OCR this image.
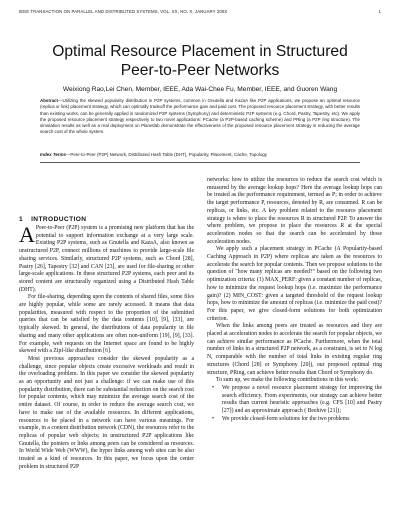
IEEE TRANSACTION ON PARALLEL AND DISTRIBUTED SYSTEMS, VOL. XX, NO. X, JANUARY 200X	1
Optimal Resource Placement in Structured
Peer-to-Peer Networks
Weixiong Rao,Lei Chen, Member, IEEE, Ada Wai-Chee Fu, Member, IEEE, and Guoren Wang
Abstract—Utilizing the skewed popularity distribution in P2P systems, common in Gnutella and KazaA like P2P applications, we propose an optimal resource (replica or link) placement strategy, which can optimally tradeoff the performance gain and paid cost. The proposed resource placement strategy, with better results than existing works, can be generally applied in randomized P2P systems (Symphony) and deterministic P2P systems (e.g. Chord, Pastry, Tapestry, etc). We apply the proposed resource placement strategy respectively to two novel applications: PCache (a P2P-based caching scheme) and PRing (a P2P ring structure). The simulation results as well as a real deployment on Planetlab demonstrate the effectiveness of the proposed resource placement strategy in reducing the average search cost of the whole system.
Index Terms—Peer-to-Peer (P2P) Network, Distributed Hash Table (DHT), Popularity, Placement, Cache, Topology
1 INTRODUCTION

A Peer-to-Peer (P2P) system is a promising new platform that has the potential to support information exchange at a very large scale. Existing P2P systems, such as Gnutella and KazaA, also known as unstructured P2P, connect millions of machines to provide large-scale file sharing services. Similarly, structured P2P systems, such as Chord [28], Pastry [26], Tapestry [32] and CAN [23], are used for file-sharing or other large-scale applications. In these structured P2P systems, each peer and its stored content are structurally organized using a Distributed Hash Table (DHT).

For file-sharing, depending upon the contents of shared files, some files are highly popular, while some are rarely accessed. It means that data popularities, measured with respect to the proportion of the submitted queries that can be satisfied by the data contents [10], [9], [33], are typically skewed. In general, the distributions of data popularity in file sharing and many other applications are often non-uniform [19], [9], [33]. For example, web requests on the Internet space are found to be highly skewed with a Zipf-like distribution [6].

Most previous approaches consider the skewed popularity as a challenge, since popular objects create excessive workloads and result in the overloading problem. In this paper we consider the skewed popularity as an opportunity and not just a challenge: if we can make use of this popularity distribution, there can be substantial reduction on the search cost for popular contents, which may minimize the average search cost of the entire dataset. Of course, in order to reduce the average search cost, we have to make use of the available resources. In different applications, resources to be placed in a network can have various meanings. For example, in a content distribution network (CDN), the resources refer to the replicas of popular web objects; in unstructured P2P applications like Gnutella, the pointers or links among peers can be considered as resources. In World Wide Web (WWW), the hyper links among web sites can be also treated as a kind of resources. In this paper, we focus upon the center problem in structured P2P

networks: how to utilize the resources to reduce the search cost which is measured by the average lookup hops? Here the average lookup hops can be treated as the performance requirement, termed as P; in order to achieve the target performance P, resources, denoted by R, are consumed. R can be replicas, or links, etc. A key problem related to the resource placement strategy is where to place the resources R in structured P2P. To answer the where problem, we propose to place the resources R at the special acceleration nodes so that the search can be accelerated by those acceleration nodes.

We apply such a placement strategy in PCache (A Popularity-based Caching Approach in P2P) where replicas are taken as the resources to accelerate the search for popular contents. Then we propose solutions to the question of "how many replicas are needed?" based on the following two optimization criteria: (1) MAX_PERF: given a constant number of replicas, how to minimize the request lookup hops (i.e. maximize the performance gain)? (2) MIN_COST: given a targeted threshold of the request lookup hops, how to minimize the amount of replicas (i.e. minimize the paid cost)? For this paper, we give closed-form solutions for both optimization criterion.

When the links among peers are treated as resources and they are placed at acceleration nodes to accelerate the search for popular objects, we can achieve similar performance as PCache. Furthermore, when the total number of links in a structured P2P network, as a constraint, is set to N log N, comparable with the number of total links in existing regular ring structures (Chord [28] or Symphony [20]), our proposed optimal ring structure, PRing, can achieve better results than Chord or Symphony do.

To sum up, we make the following contributions in this work:

• We propose a novel resource placement strategy for improving the search efficiency. From experiments, our strategy can achieve better results than current heuristic approaches (e.g. CFS [10] and Pastry [27]) and an approximate approach ( Beehive [21]);
• We provide closed-form solutions for the two problems
